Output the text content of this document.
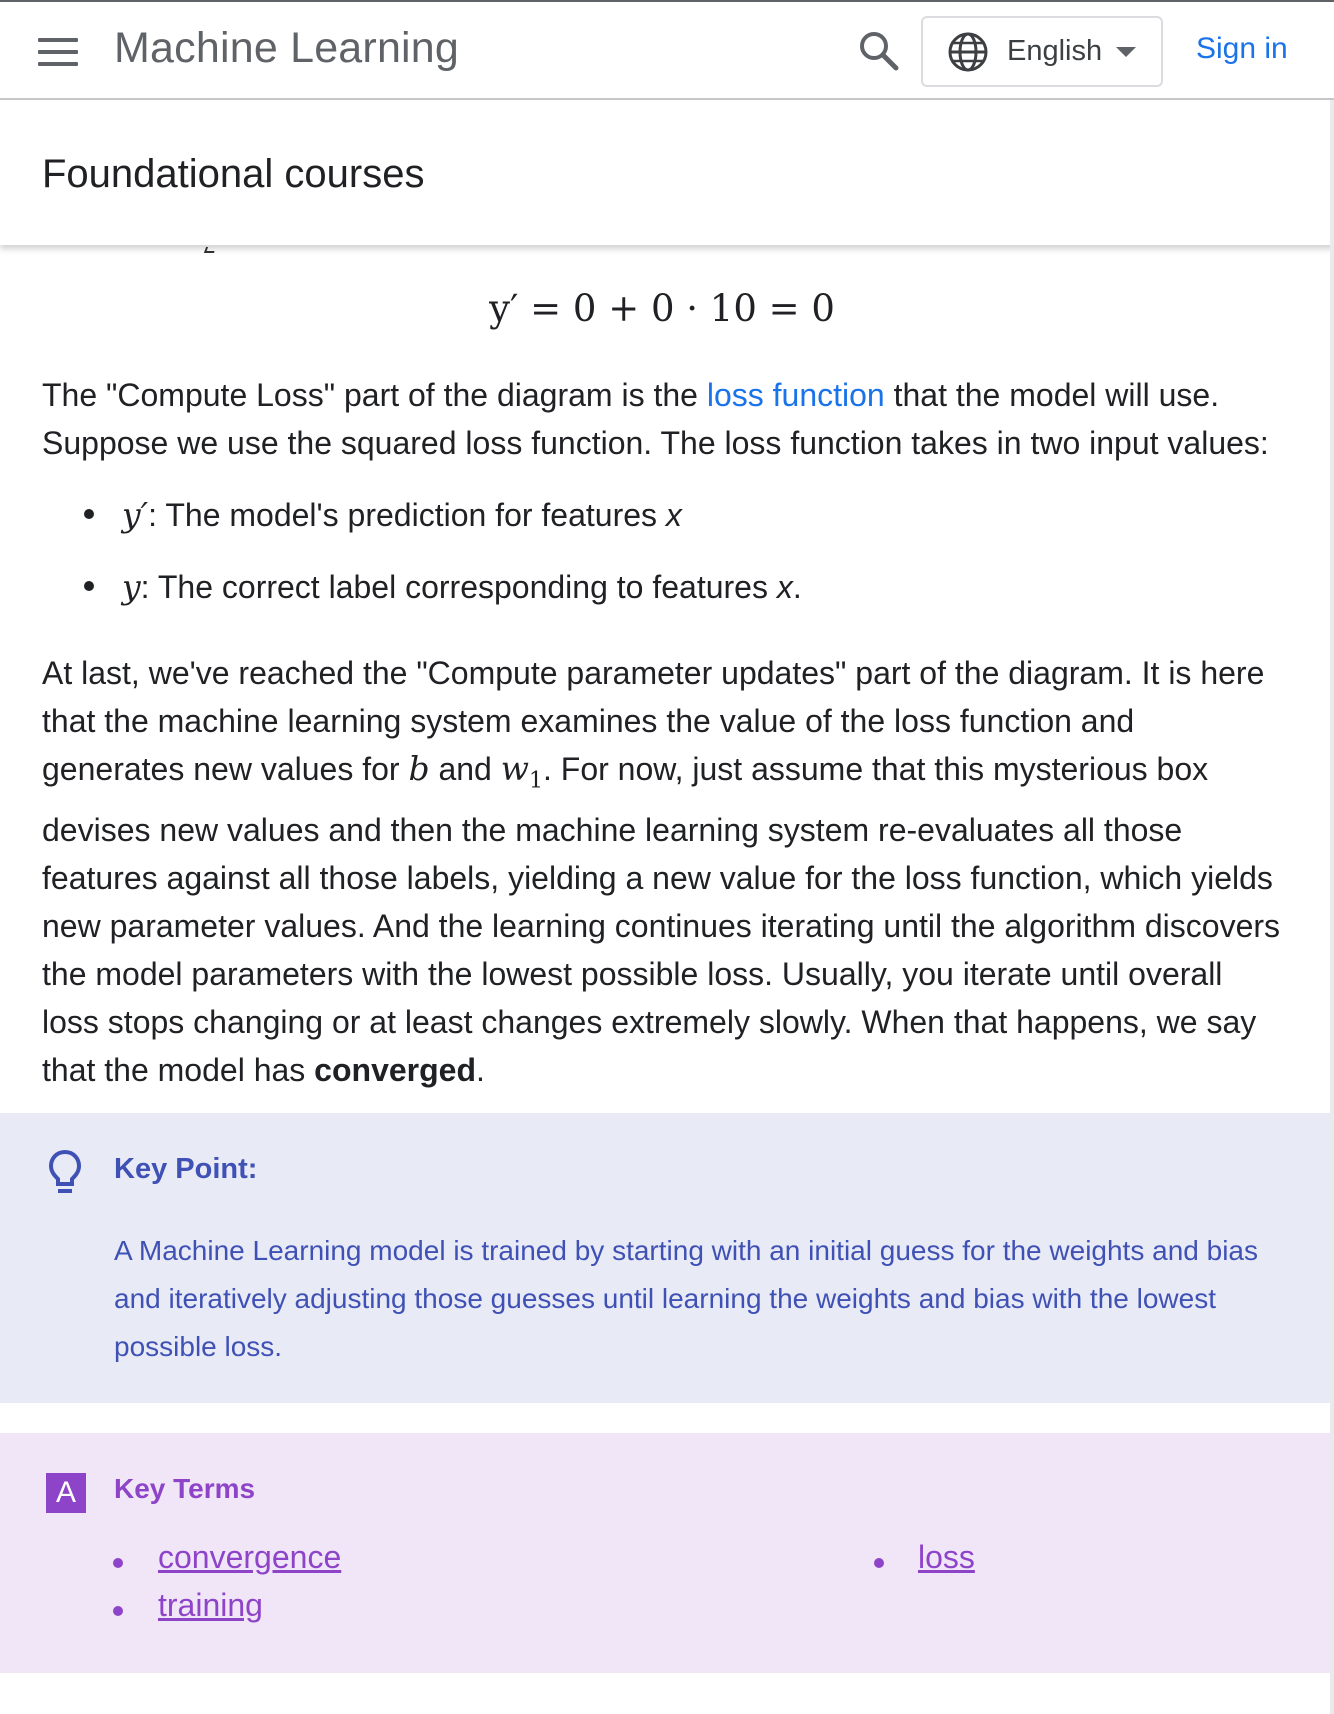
Machine Learning	English	Sign in
Foundational courses
y′ = 0 + 0 · 10 = 0

The "Compute Loss" part of the diagram is the loss function that the model will use. Suppose we use the squared loss function. The loss function takes in two input values:

y′: The model's prediction for features x
y: The correct label corresponding to features x.

At last, we've reached the "Compute parameter updates" part of the diagram. It is here that the machine learning system examines the value of the loss function and generates new values for b and $w_1$. For now, just assume that this mysterious box devises new values and then the machine learning system re-evaluates all those features against all those labels, yielding a new value for the loss function, which yields new parameter values. And the learning continues iterating until the algorithm discovers the model parameters with the lowest possible loss. Usually, you iterate until overall loss stops changing or at least changes extremely slowly. When that happens, we say that the model has converged.

Key Point:
A Machine Learning model is trained by starting with an initial guess for the weights and bias and iteratively adjusting those guesses until learning the weights and bias with the lowest possible loss.
A	Key Terms
convergence
training
loss
